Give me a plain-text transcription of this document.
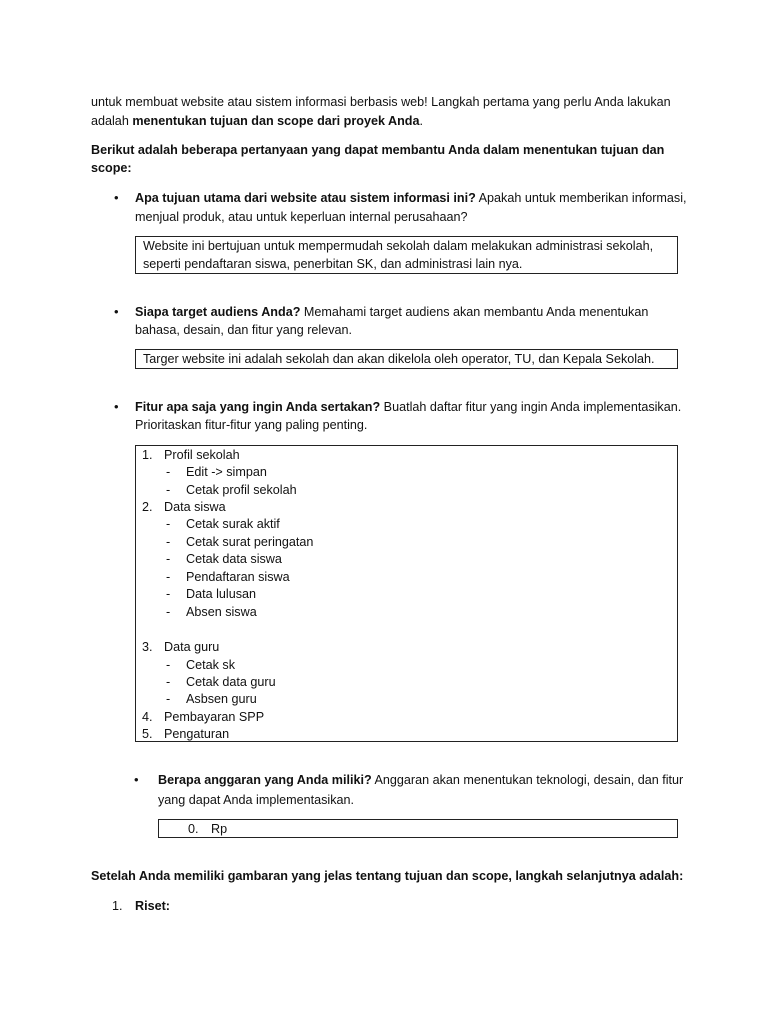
untuk membuat website atau sistem informasi berbasis web! Langkah pertama yang perlu Anda lakukan

adalah menentukan tujuan dan scope dari proyek Anda.

Berikut adalah beberapa pertanyaan yang dapat membantu Anda dalam menentukan tujuan dan

scope:

• Apa tujuan utama dari website atau sistem informasi ini? Apakah untuk memberikan informasi,

menjual produk, atau untuk keperluan internal perusahaan?

Website ini bertujuan untuk mempermudah sekolah dalam melakukan administrasi sekolah,

seperti pendaftaran siswa, penerbitan SK, dan administrasi lain nya.

• Siapa target audiens Anda? Memahami target audiens akan membantu Anda menentukan

bahasa, desain, dan fitur yang relevan.

Targer website ini adalah sekolah dan akan dikelola oleh operator, TU, dan Kepala Sekolah.

• Fitur apa saja yang ingin Anda sertakan? Buatlah daftar fitur yang ingin Anda implementasikan.

Prioritaskan fitur-fitur yang paling penting.

1. Profil sekolah
- Edit -> simpan
- Cetak profil sekolah
2. Data siswa
- Cetak surak aktif
- Cetak surat peringatan
- Cetak data siswa
- Pendaftaran siswa
- Data lulusan
- Absen siswa
3. Data guru
- Cetak sk
- Cetak data guru
- Asbsen guru
4. Pembayaran SPP
5. Pengaturan
• Berapa anggaran yang Anda miliki? Anggaran akan menentukan teknologi, desain, dan fitur

yang dapat Anda implementasikan.

0. Rp

Setelah Anda memiliki gambaran yang jelas tentang tujuan dan scope, langkah selanjutnya adalah:

1. Riset:
